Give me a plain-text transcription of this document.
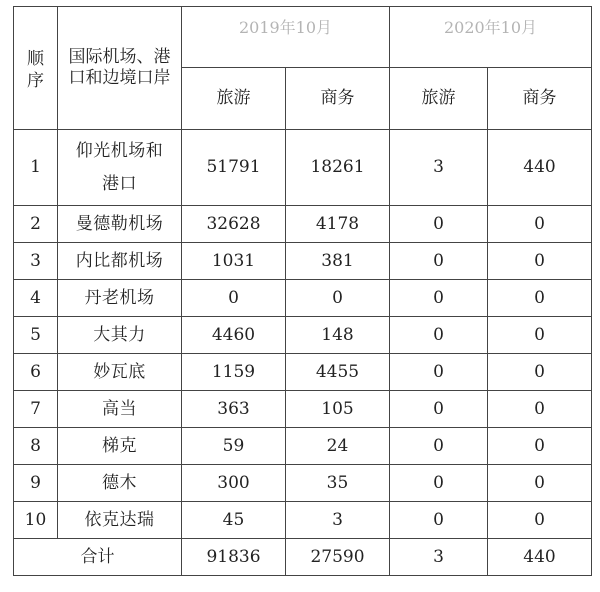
顺序	国际机场、港口和边境口岸	2019年10月		2020年10月	
		旅游	商务	旅游	商务
1	仰光机场和港口	51791	18261	3	440
2	曼德勒机场	32628	4178	0	0
3	内比都机场	1031	381	0	0
4	丹老机场	0	0	0	0
5	大其力	4460	148	0	0
6	妙瓦底	1159	4455	0	0
7	高当	363	105	0	0
8	梯克	59	24	0	0
9	德木	300	35	0	0
10	依克达瑞	45	3	0	0
合计		91836	27590	3	440
